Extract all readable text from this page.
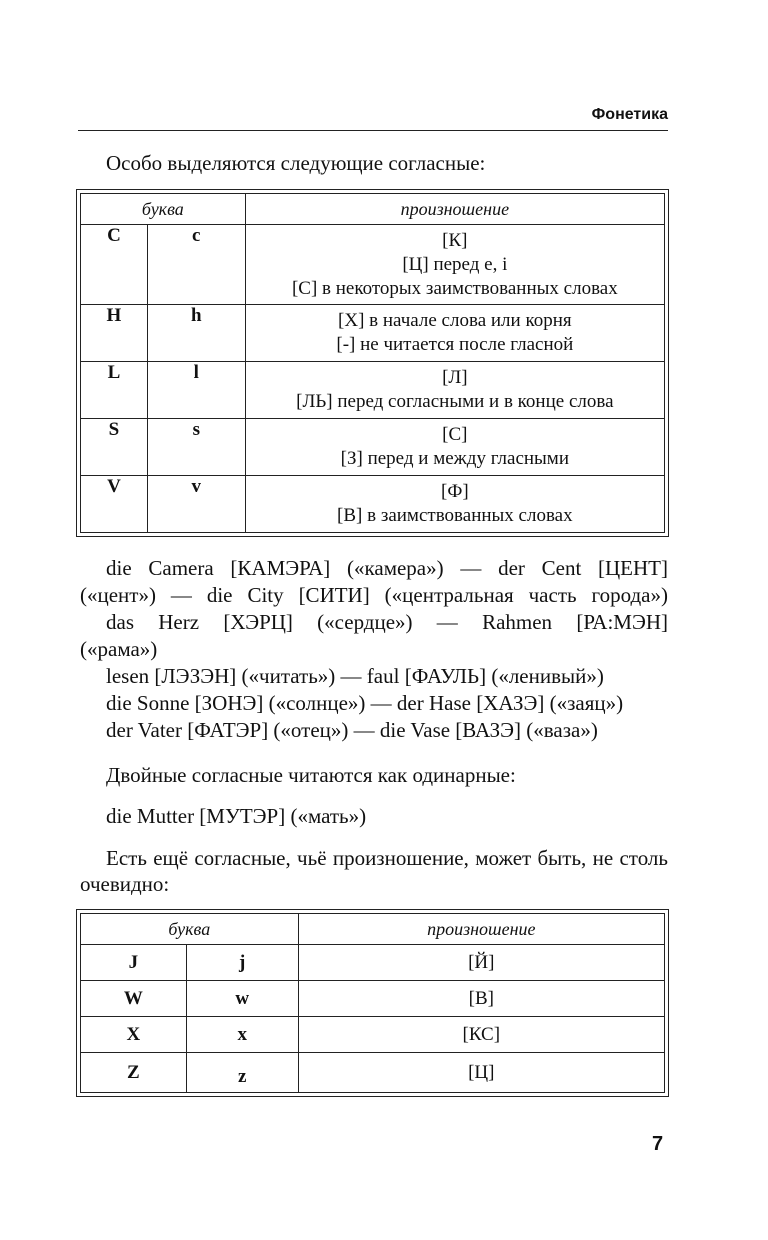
Фонетика

Особо выделяются следующие согласные:

буква		произношение
C	c	[К]
[Ц] перед e, i
[С] в некоторых заимствованных словах

H	h	[Х] в начале слова или корня
[-] не читается после гласной

L	l	[Л]
[ЛЬ] перед согласными и в конце слова

S	s	[С]
[З] перед и между гласными

V	v	[Ф]
[В] в заимствованных словах

die Camera [КАМЭРА] («камера») — der Cent [ЦЕНТ]

(«цент») — die City [СИТИ] («центральная часть города»)

das Herz [ХЭРЦ] («сердце») — Rahmen [РА:МЭН]

(«рама»)

lesen [ЛЭЗЭН] («читать») — faul [ФАУЛЬ] («ленивый»)

die Sonne [ЗОНЭ] («солнце») — der Hase [ХАЗЭ] («заяц»)

der Vater [ФАТЭР] («отец») — die Vase [ВАЗЭ] («ваза»)

Двойные согласные читаются как одинарные:

die Mutter [МУТЭР] («мать»)

Есть ещё согласные, чьё произношение, может быть, не столь очевидно:

буква		произношение
J	j	[Й]
W	w	[В]
X	x	[КС]
Z	z	[Ц]
7
